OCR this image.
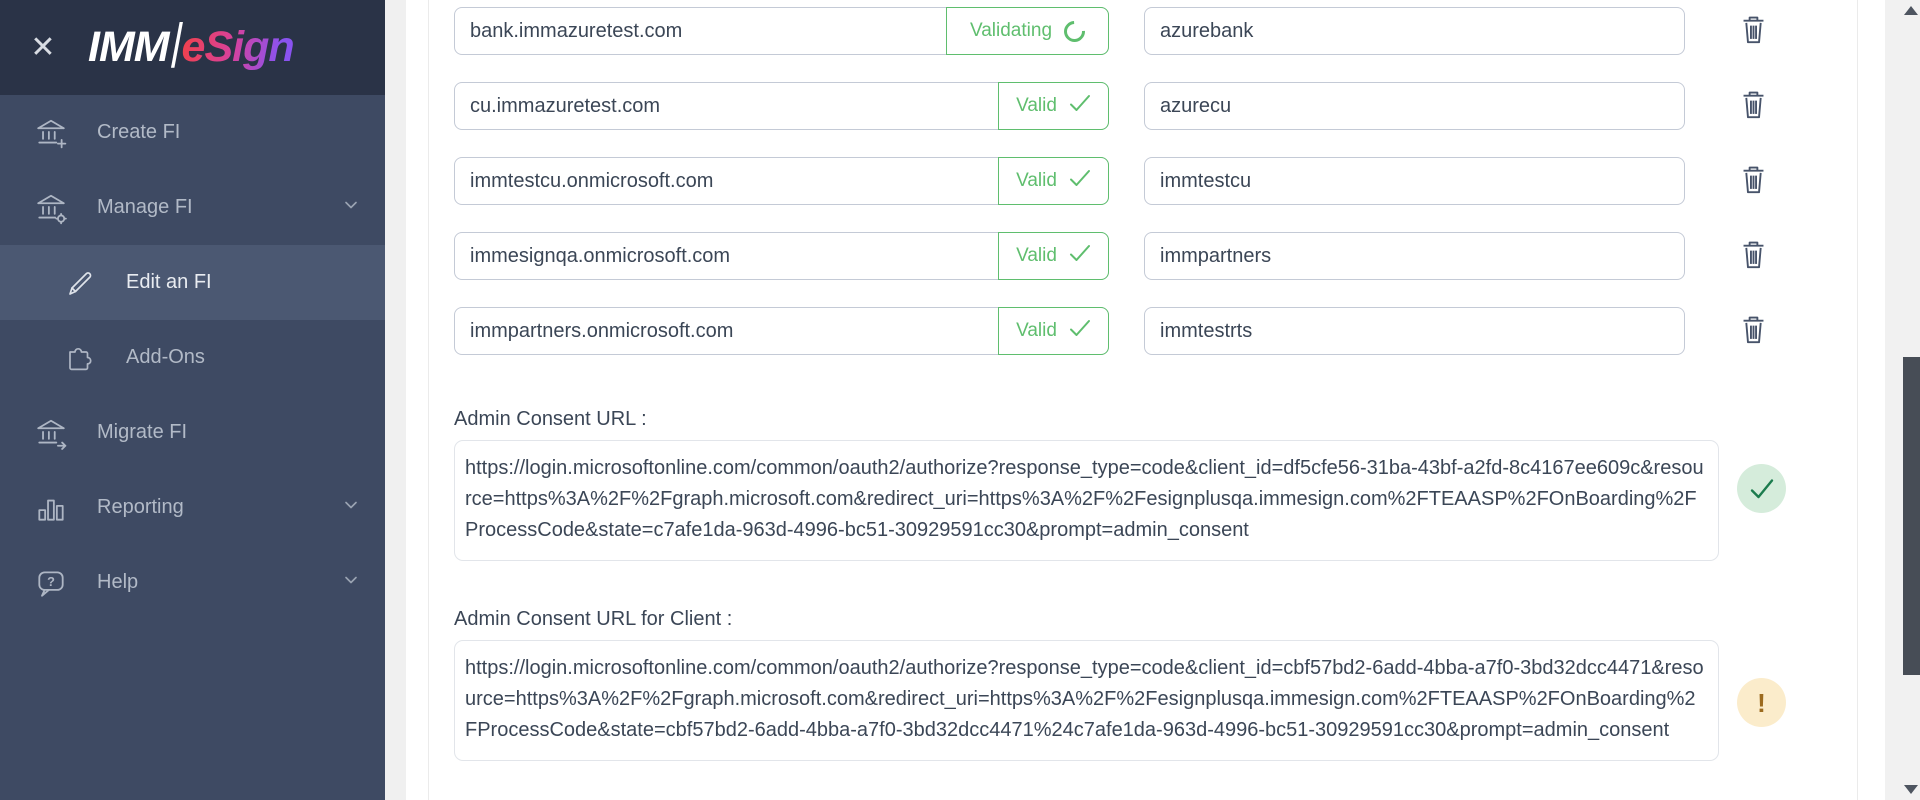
✕ IMM / eSign
Create FI
Manage FI
Edit an FI
Add-Ons
Migrate FI
Reporting
? Help
bank.immazuretest.com
Validating
azurebank
cu.immazuretest.com
Valid
azurecu
immtestcu.onmicrosoft.com
Valid
immtestcu
immesignqa.onmicrosoft.com
Valid
immpartners
immpartners.onmicrosoft.com
Valid
immtestrts
Admin Consent URL :
https://login.microsoftonline.com/common/oauth2/authorize?response_type=code&client_id=df5cfe56-31ba-43bf-a2fd-8c4167ee609c&resource=https%3A%2F%2Fgraph.microsoft.com&redirect_uri=https%3A%2F%2Fesignplusqa.immesign.com%2FTEAASP%2FOnBoarding%2FProcessCode&state=c7afe1da-963d-4996-bc51-30929591cc30&prompt=admin_consent
Admin Consent URL for Client :
https://login.microsoftonline.com/common/oauth2/authorize?response_type=code&client_id=cbf57bd2-6add-4bba-a7f0-3bd32dcc4471&resource=https%3A%2F%2Fgraph.microsoft.com&redirect_uri=https%3A%2F%2Fesignplusqa.immesign.com%2FTEAASP%2FOnBoarding%2FProcessCode&state=cbf57bd2-6add-4bba-a7f0-3bd32dcc4471%24c7afe1da-963d-4996-bc51-30929591cc30&prompt=admin_consent
!
